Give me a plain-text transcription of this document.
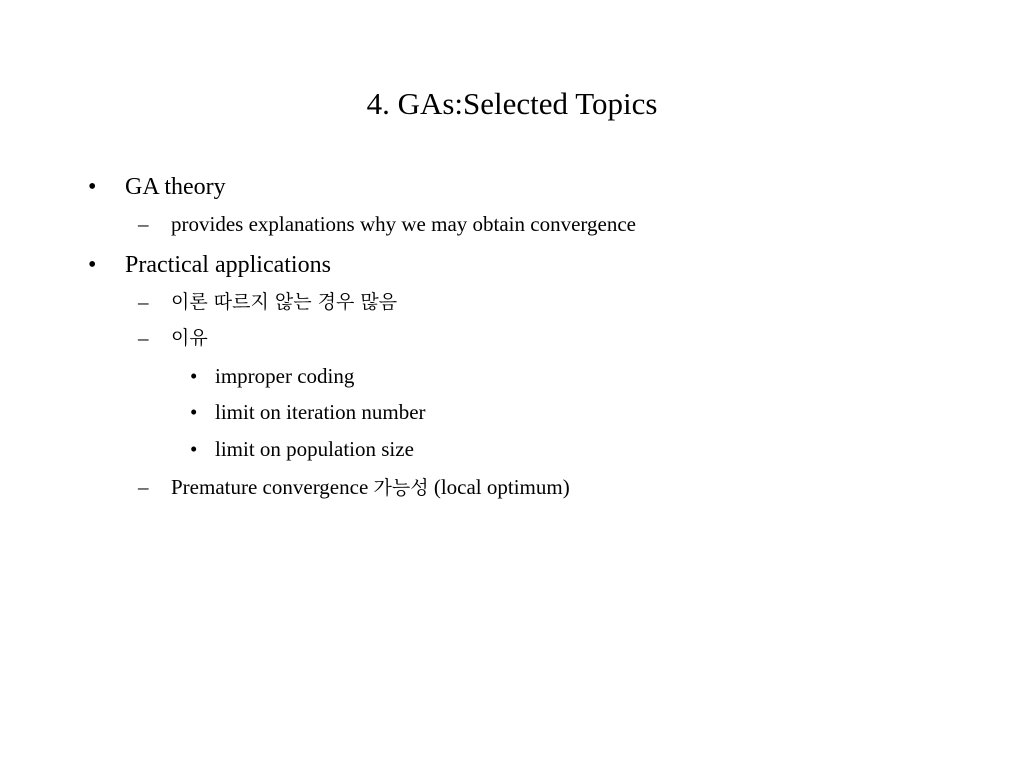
4. GAs:Selected Topics
• GA theory
– provides explanations why we may obtain convergence
• Practical applications
– 이론 따르지 않는 경우 많음
– 이유
• improper coding
• limit on iteration number
• limit on population size
– Premature convergence 가능성 (local optimum)
